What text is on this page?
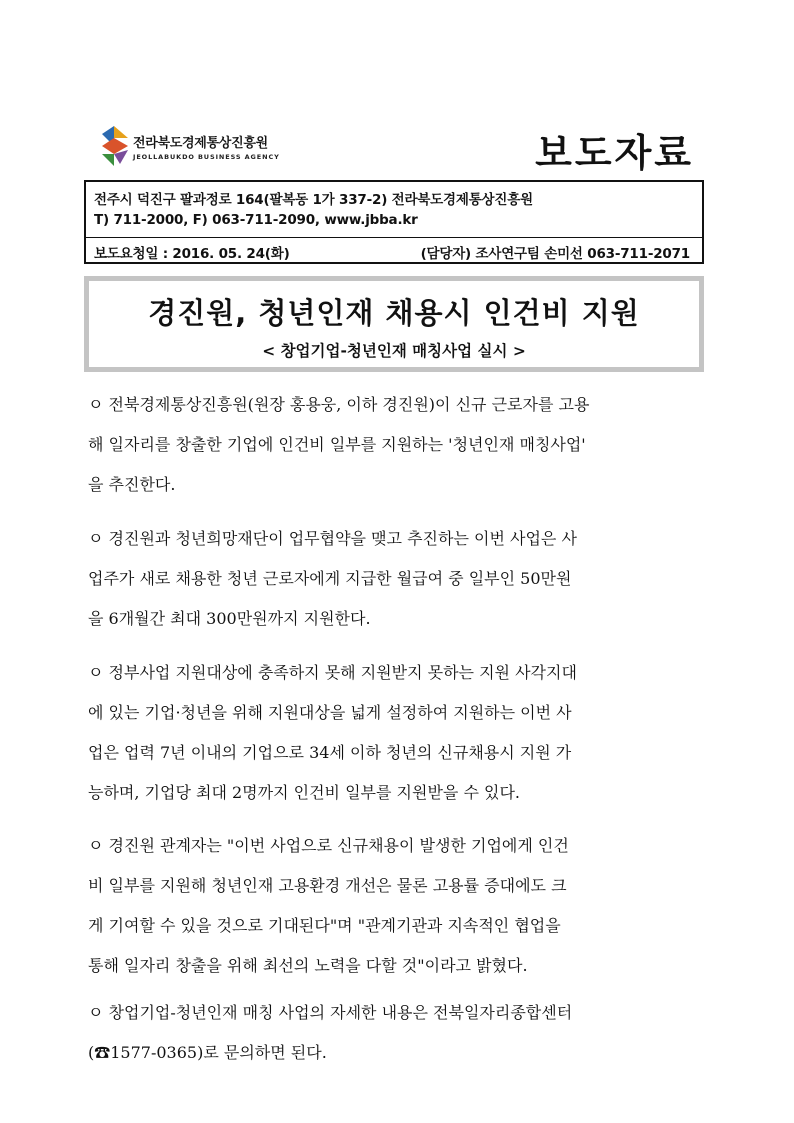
전라북도경제통상진흥원
JEOLLABUKDO BUSINESS AGENCY	보도자료
전주시 덕진구 팔과정로 164(팔복동 1가 337-2) 전라북도경제통상진흥원
T) 711-2000, F) 063-711-2090, www.jbba.kr
보도요청일 : 2016. 05. 24(화)	(담당자) 조사연구팀 손미선 063-711-2071
경진원, 청년인재 채용시 인건비 지원
< 창업기업-청년인재 매칭사업 실시 >
ㅇ 전북경제통상진흥원(원장 홍용웅, 이하 경진원)이 신규 근로자를 고용
해 일자리를 창출한 기업에 인건비 일부를 지원하는 '청년인재 매칭사업'
을 추진한다.
ㅇ 경진원과 청년희망재단이 업무협약을 맺고 추진하는 이번 사업은 사
업주가 새로 채용한 청년 근로자에게 지급한 월급여 중 일부인 50만원
을 6개월간 최대 300만원까지 지원한다.
ㅇ 정부사업 지원대상에 충족하지 못해 지원받지 못하는 지원 사각지대
에 있는 기업·청년을 위해 지원대상을 넓게 설정하여 지원하는 이번 사
업은 업력 7년 이내의 기업으로 34세 이하 청년의 신규채용시 지원 가
능하며, 기업당 최대 2명까지 인건비 일부를 지원받을 수 있다.
ㅇ 경진원 관계자는 "이번 사업으로 신규채용이 발생한 기업에게 인건
비 일부를 지원해 청년인재 고용환경 개선은 물론 고용률 증대에도 크
게 기여할 수 있을 것으로 기대된다"며 "관계기관과 지속적인 협업을
통해 일자리 창출을 위해 최선의 노력을 다할 것"이라고 밝혔다.
ㅇ 창업기업-청년인재 매칭 사업의 자세한 내용은 전북일자리종합센터
(☎1577-0365)로 문의하면 된다.
